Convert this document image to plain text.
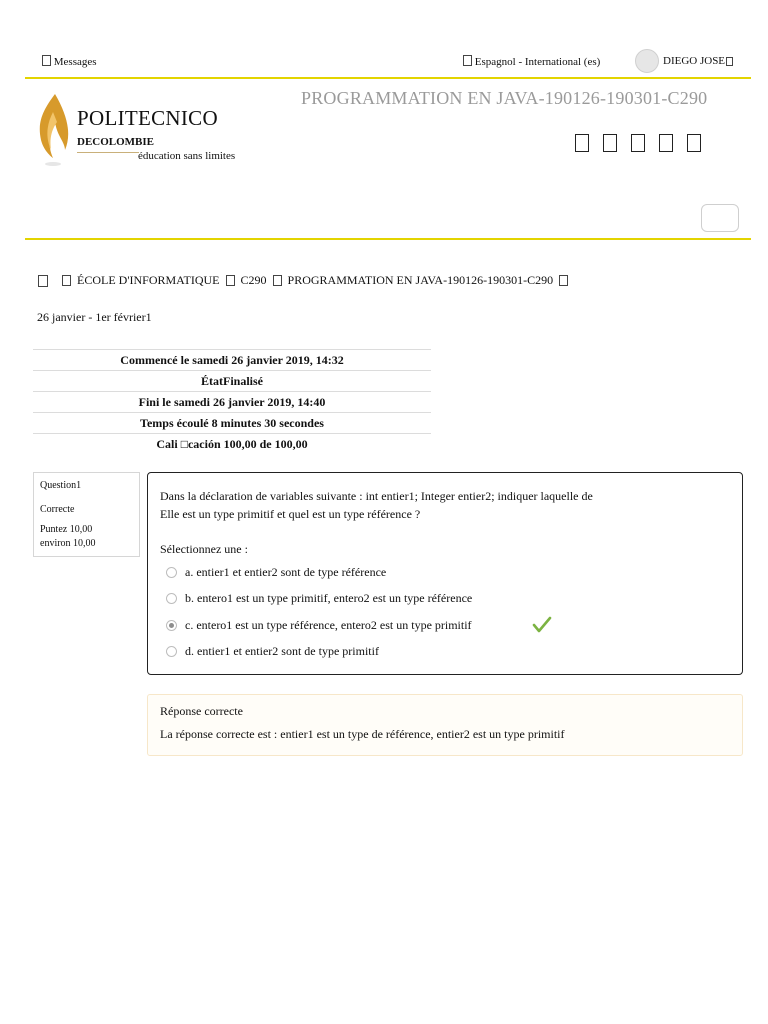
Messages	Espagnol - International (es)	DIEGO JOSE
POLITECNICO
DECOLOMBIE
éducation sans limites
PROGRAMMATION EN JAVA-190126-190301-C290
ÉCOLE D'INFORMATIQUE C290 PROGRAMMATION EN JAVA-190126-190301-C290
26 janvier - 1er février1
Commencé le samedi 26 janvier 2019, 14:32
ÉtatFinalisé
Fini le samedi 26 janvier 2019, 14:40
Temps écoulé 8 minutes 30 secondes
Cali □cación 100,00 de 100,00
Question1
Correcte
Puntez 10,00
environ 10,00
Dans la déclaration de variables suivante : int entier1; Integer entier2; indiquer laquelle de
Elle est un type primitif et quel est un type référence ?
Sélectionnez une :
a. entier1 et entier2 sont de type référence
b. entero1 est un type primitif, entero2 est un type référence
c. entero1 est un type référence, entero2 est un type primitif
d. entier1 et entier2 sont de type primitif
Réponse correcte
La réponse correcte est : entier1 est un type de référence, entier2 est un type primitif
